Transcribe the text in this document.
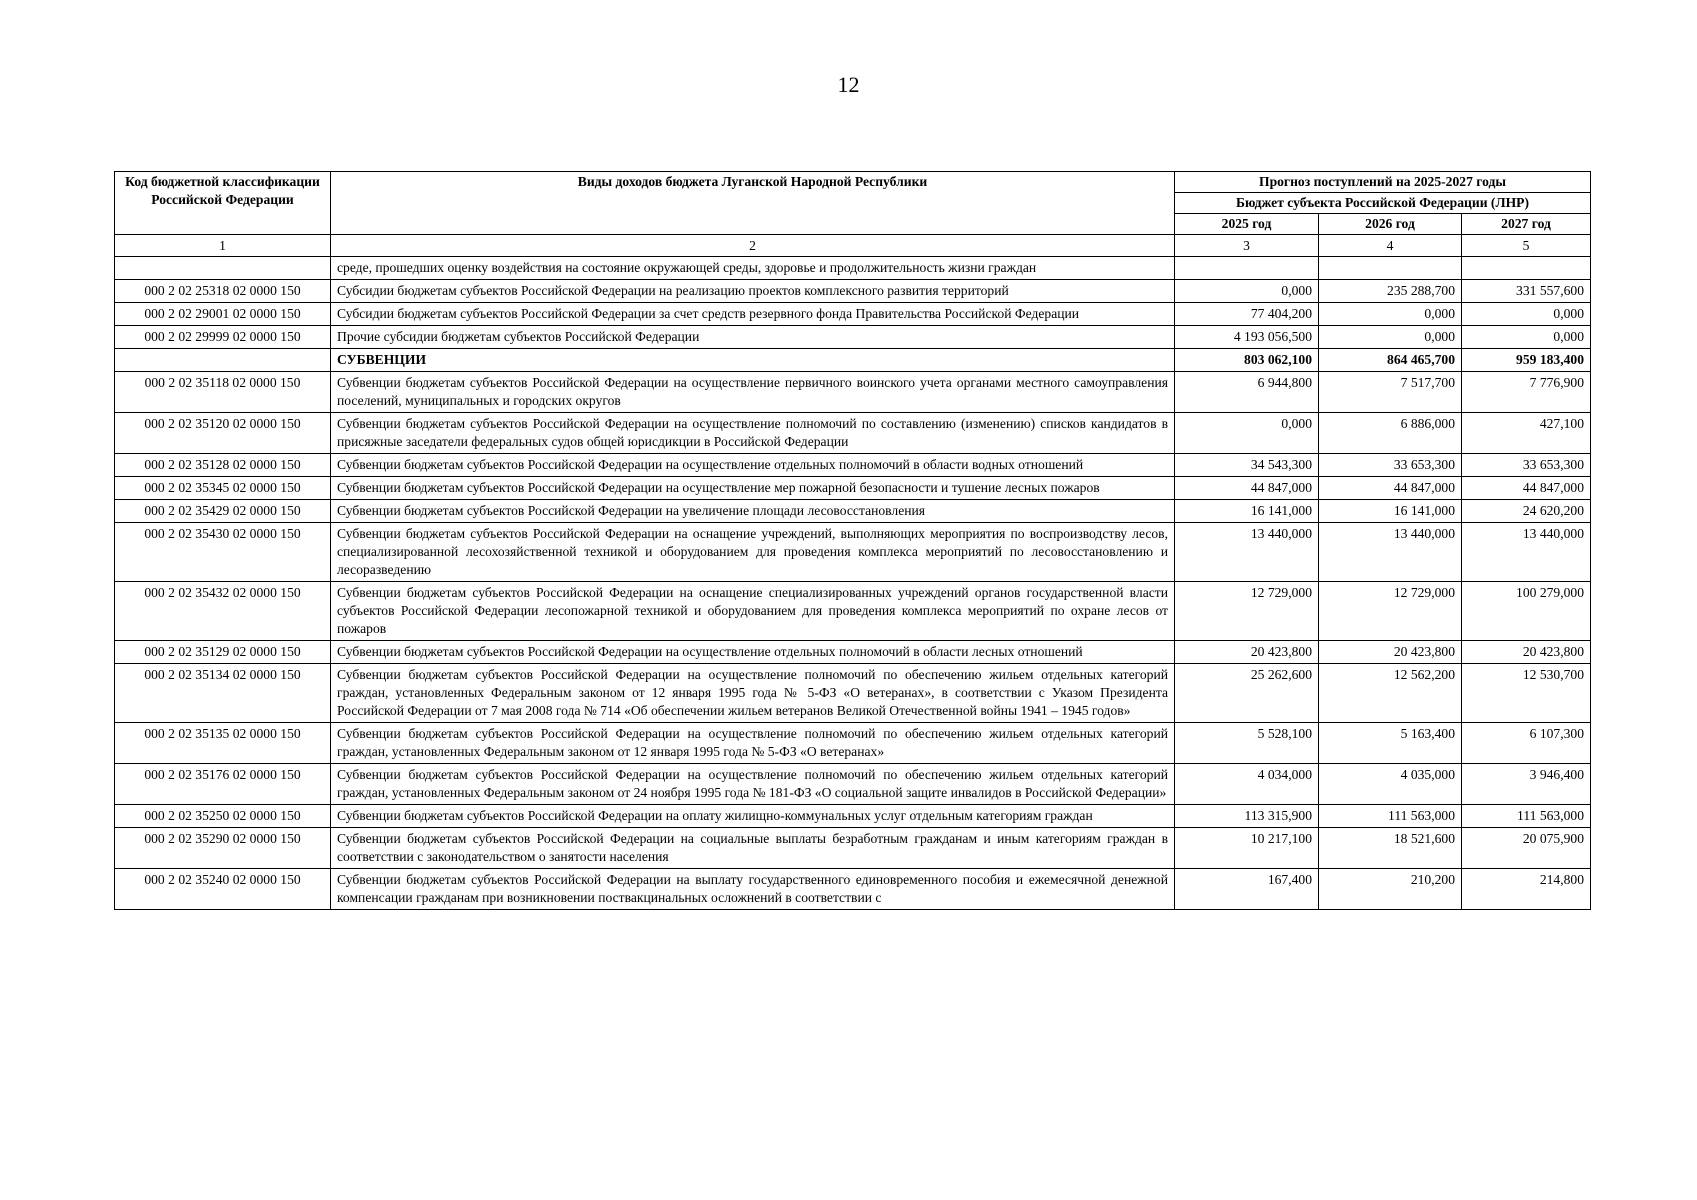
12
Код бюджетной классификации Российской Федерации	Виды доходов бюджета Луганской Народной Республики	Прогноз поступлений на 2025-2027 годы		
		Бюджет субъекта Российской Федерации (ЛНР)		
		2025 год	2026 год	2027 год
1	2	3	4	5
	среде, прошедших оценку воздействия на состояние окружающей среды, здоровье и продолжительность жизни граждан			
000 2 02 25318 02 0000 150	Субсидии бюджетам субъектов Российской Федерации на реализацию проектов комплексного развития территорий	0,000	235 288,700	331 557,600
000 2 02 29001 02 0000 150	Субсидии бюджетам субъектов Российской Федерации за счет средств резервного фонда Правительства Российской Федерации	77 404,200	0,000	0,000
000 2 02 29999 02 0000 150	Прочие субсидии бюджетам субъектов Российской Федерации	4 193 056,500	0,000	0,000
	СУБВЕНЦИИ	803 062,100	864 465,700	959 183,400
000 2 02 35118 02 0000 150	Субвенции бюджетам субъектов Российской Федерации на осуществление первичного воинского учета органами местного самоуправления поселений, муниципальных и городских округов	6 944,800	7 517,700	7 776,900
000 2 02 35120 02 0000 150	Субвенции бюджетам субъектов Российской Федерации на осуществление полномочий по составлению (изменению) списков кандидатов в присяжные заседатели федеральных судов общей юрисдикции в Российской Федерации	0,000	6 886,000	427,100
000 2 02 35128 02 0000 150	Субвенции бюджетам субъектов Российской Федерации на осуществление отдельных полномочий в области водных отношений	34 543,300	33 653,300	33 653,300
000 2 02 35345 02 0000 150	Субвенции бюджетам субъектов Российской Федерации на осуществление мер пожарной безопасности и тушение лесных пожаров	44 847,000	44 847,000	44 847,000
000 2 02 35429 02 0000 150	Субвенции бюджетам субъектов Российской Федерации на увеличение площади лесовосстановления	16 141,000	16 141,000	24 620,200
000 2 02 35430 02 0000 150	Субвенции бюджетам субъектов Российской Федерации на оснащение учреждений, выполняющих мероприятия по воспроизводству лесов, специализированной лесохозяйственной техникой и оборудованием для проведения комплекса мероприятий по лесовосстановлению и лесоразведению	13 440,000	13 440,000	13 440,000
000 2 02 35432 02 0000 150	Субвенции бюджетам субъектов Российской Федерации на оснащение специализированных учреждений органов государственной власти субъектов Российской Федерации лесопожарной техникой и оборудованием для проведения комплекса мероприятий по охране лесов от пожаров	12 729,000	12 729,000	100 279,000
000 2 02 35129 02 0000 150	Субвенции бюджетам субъектов Российской Федерации на осуществление отдельных полномочий в области лесных отношений	20 423,800	20 423,800	20 423,800
000 2 02 35134 02 0000 150	Субвенции бюджетам субъектов Российской Федерации на осуществление полномочий по обеспечению жильем отдельных категорий граждан, установленных Федеральным законом от 12 января 1995 года № 5-ФЗ «О ветеранах», в соответствии с Указом Президента Российской Федерации от 7 мая 2008 года № 714 «Об обеспечении жильем ветеранов Великой Отечественной войны 1941 – 1945 годов»	25 262,600	12 562,200	12 530,700
000 2 02 35135 02 0000 150	Субвенции бюджетам субъектов Российской Федерации на осуществление полномочий по обеспечению жильем отдельных категорий граждан, установленных Федеральным законом от 12 января 1995 года № 5-ФЗ «О ветеранах»	5 528,100	5 163,400	6 107,300
000 2 02 35176 02 0000 150	Субвенции бюджетам субъектов Российской Федерации на осуществление полномочий по обеспечению жильем отдельных категорий граждан, установленных Федеральным законом от 24 ноября 1995 года № 181-ФЗ «О социальной защите инвалидов в Российской Федерации»	4 034,000	4 035,000	3 946,400
000 2 02 35250 02 0000 150	Субвенции бюджетам субъектов Российской Федерации на оплату жилищно-коммунальных услуг отдельным категориям граждан	113 315,900	111 563,000	111 563,000
000 2 02 35290 02 0000 150	Субвенции бюджетам субъектов Российской Федерации на социальные выплаты безработным гражданам и иным категориям граждан в соответствии с законодательством о занятости населения	10 217,100	18 521,600	20 075,900
000 2 02 35240 02 0000 150	Субвенции бюджетам субъектов Российской Федерации на выплату государственного единовременного пособия и ежемесячной денежной компенсации гражданам при возникновении поствакцинальных осложнений в соответствии с	167,400	210,200	214,800
